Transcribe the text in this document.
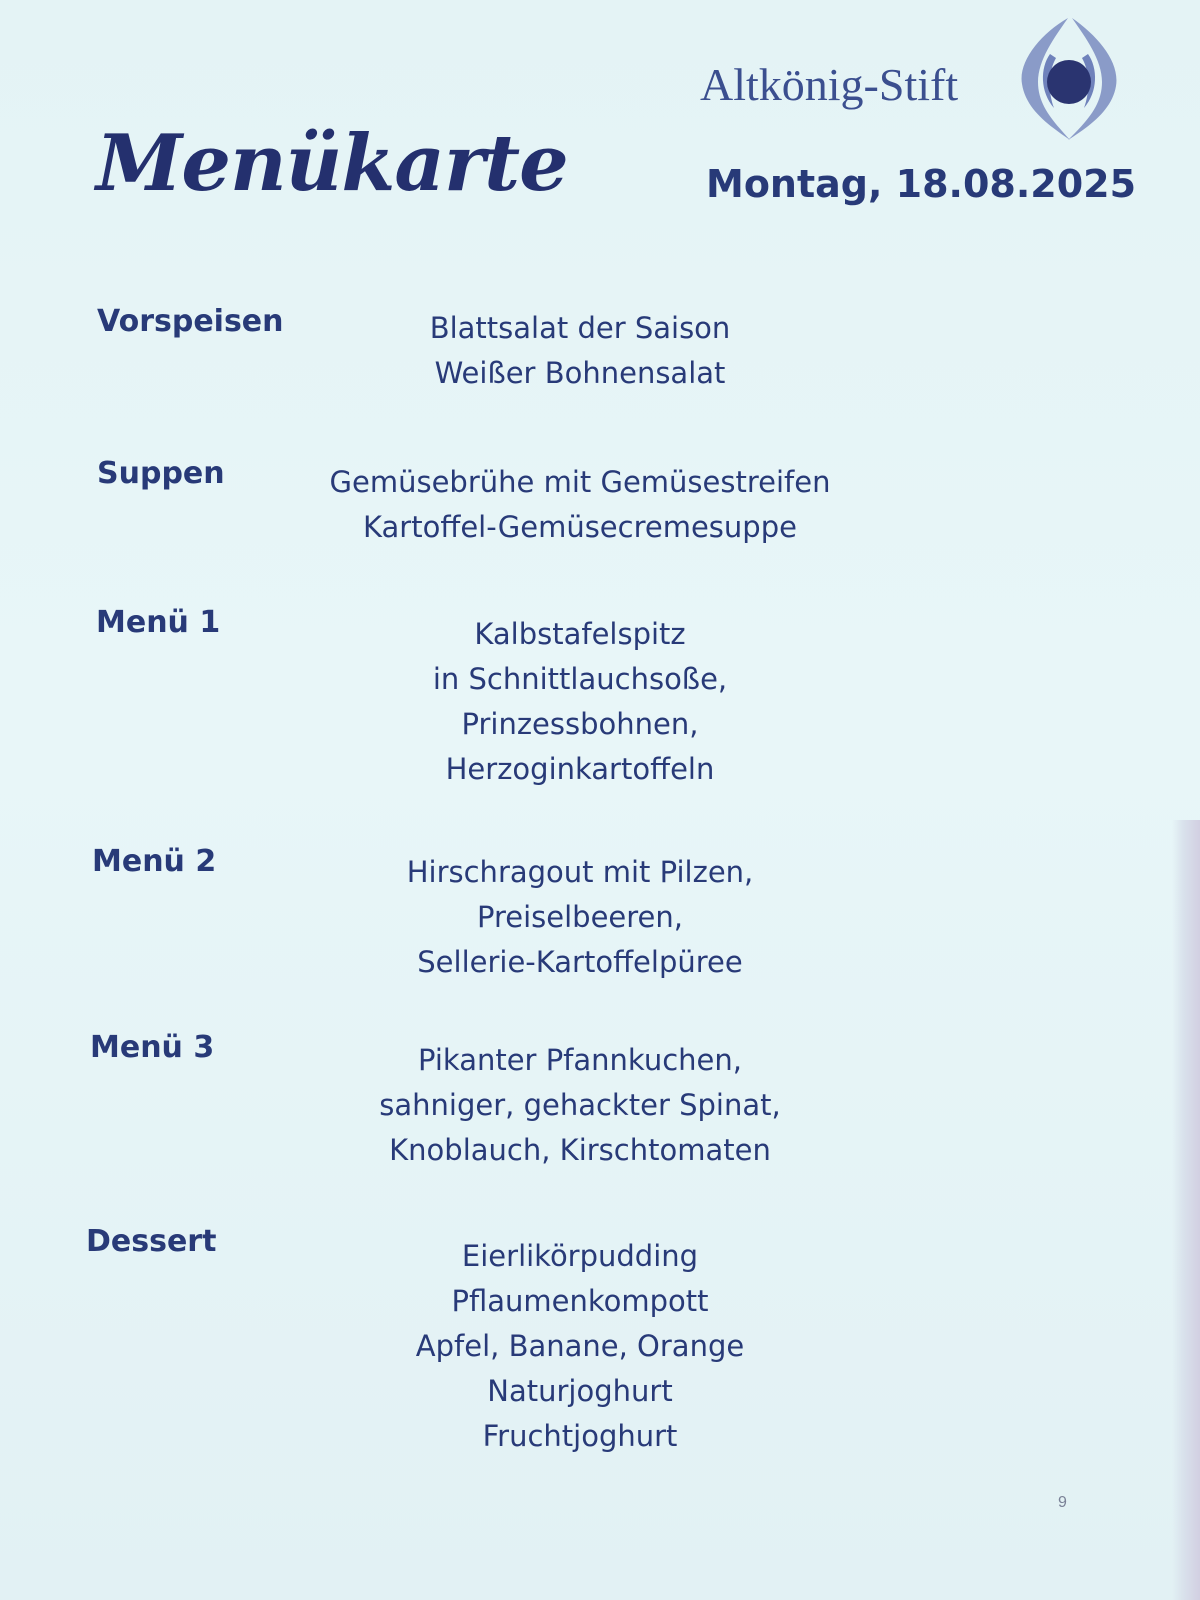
Menükarte
Altkönig-Stift
Montag, 18.08.2025
Vorspeisen	Blattsalat der Saison
Weißer Bohnensalat
Suppen	Gemüsebrühe mit Gemüsestreifen
Kartoffel-Gemüsecremesuppe
Menü 1	Kalbstafelspitz
in Schnittlauchsoße,
Prinzessbohnen,
Herzoginkartoffeln
Menü 2	Hirschragout mit Pilzen,
Preiselbeeren,
Sellerie-Kartoffelpüree
Menü 3	Pikanter Pfannkuchen,
sahniger, gehackter Spinat,
Knoblauch, Kirschtomaten
Dessert	Eierlikörpudding
Pflaumenkompott
Apfel, Banane, Orange
Naturjoghurt
Fruchtjoghurt
9
